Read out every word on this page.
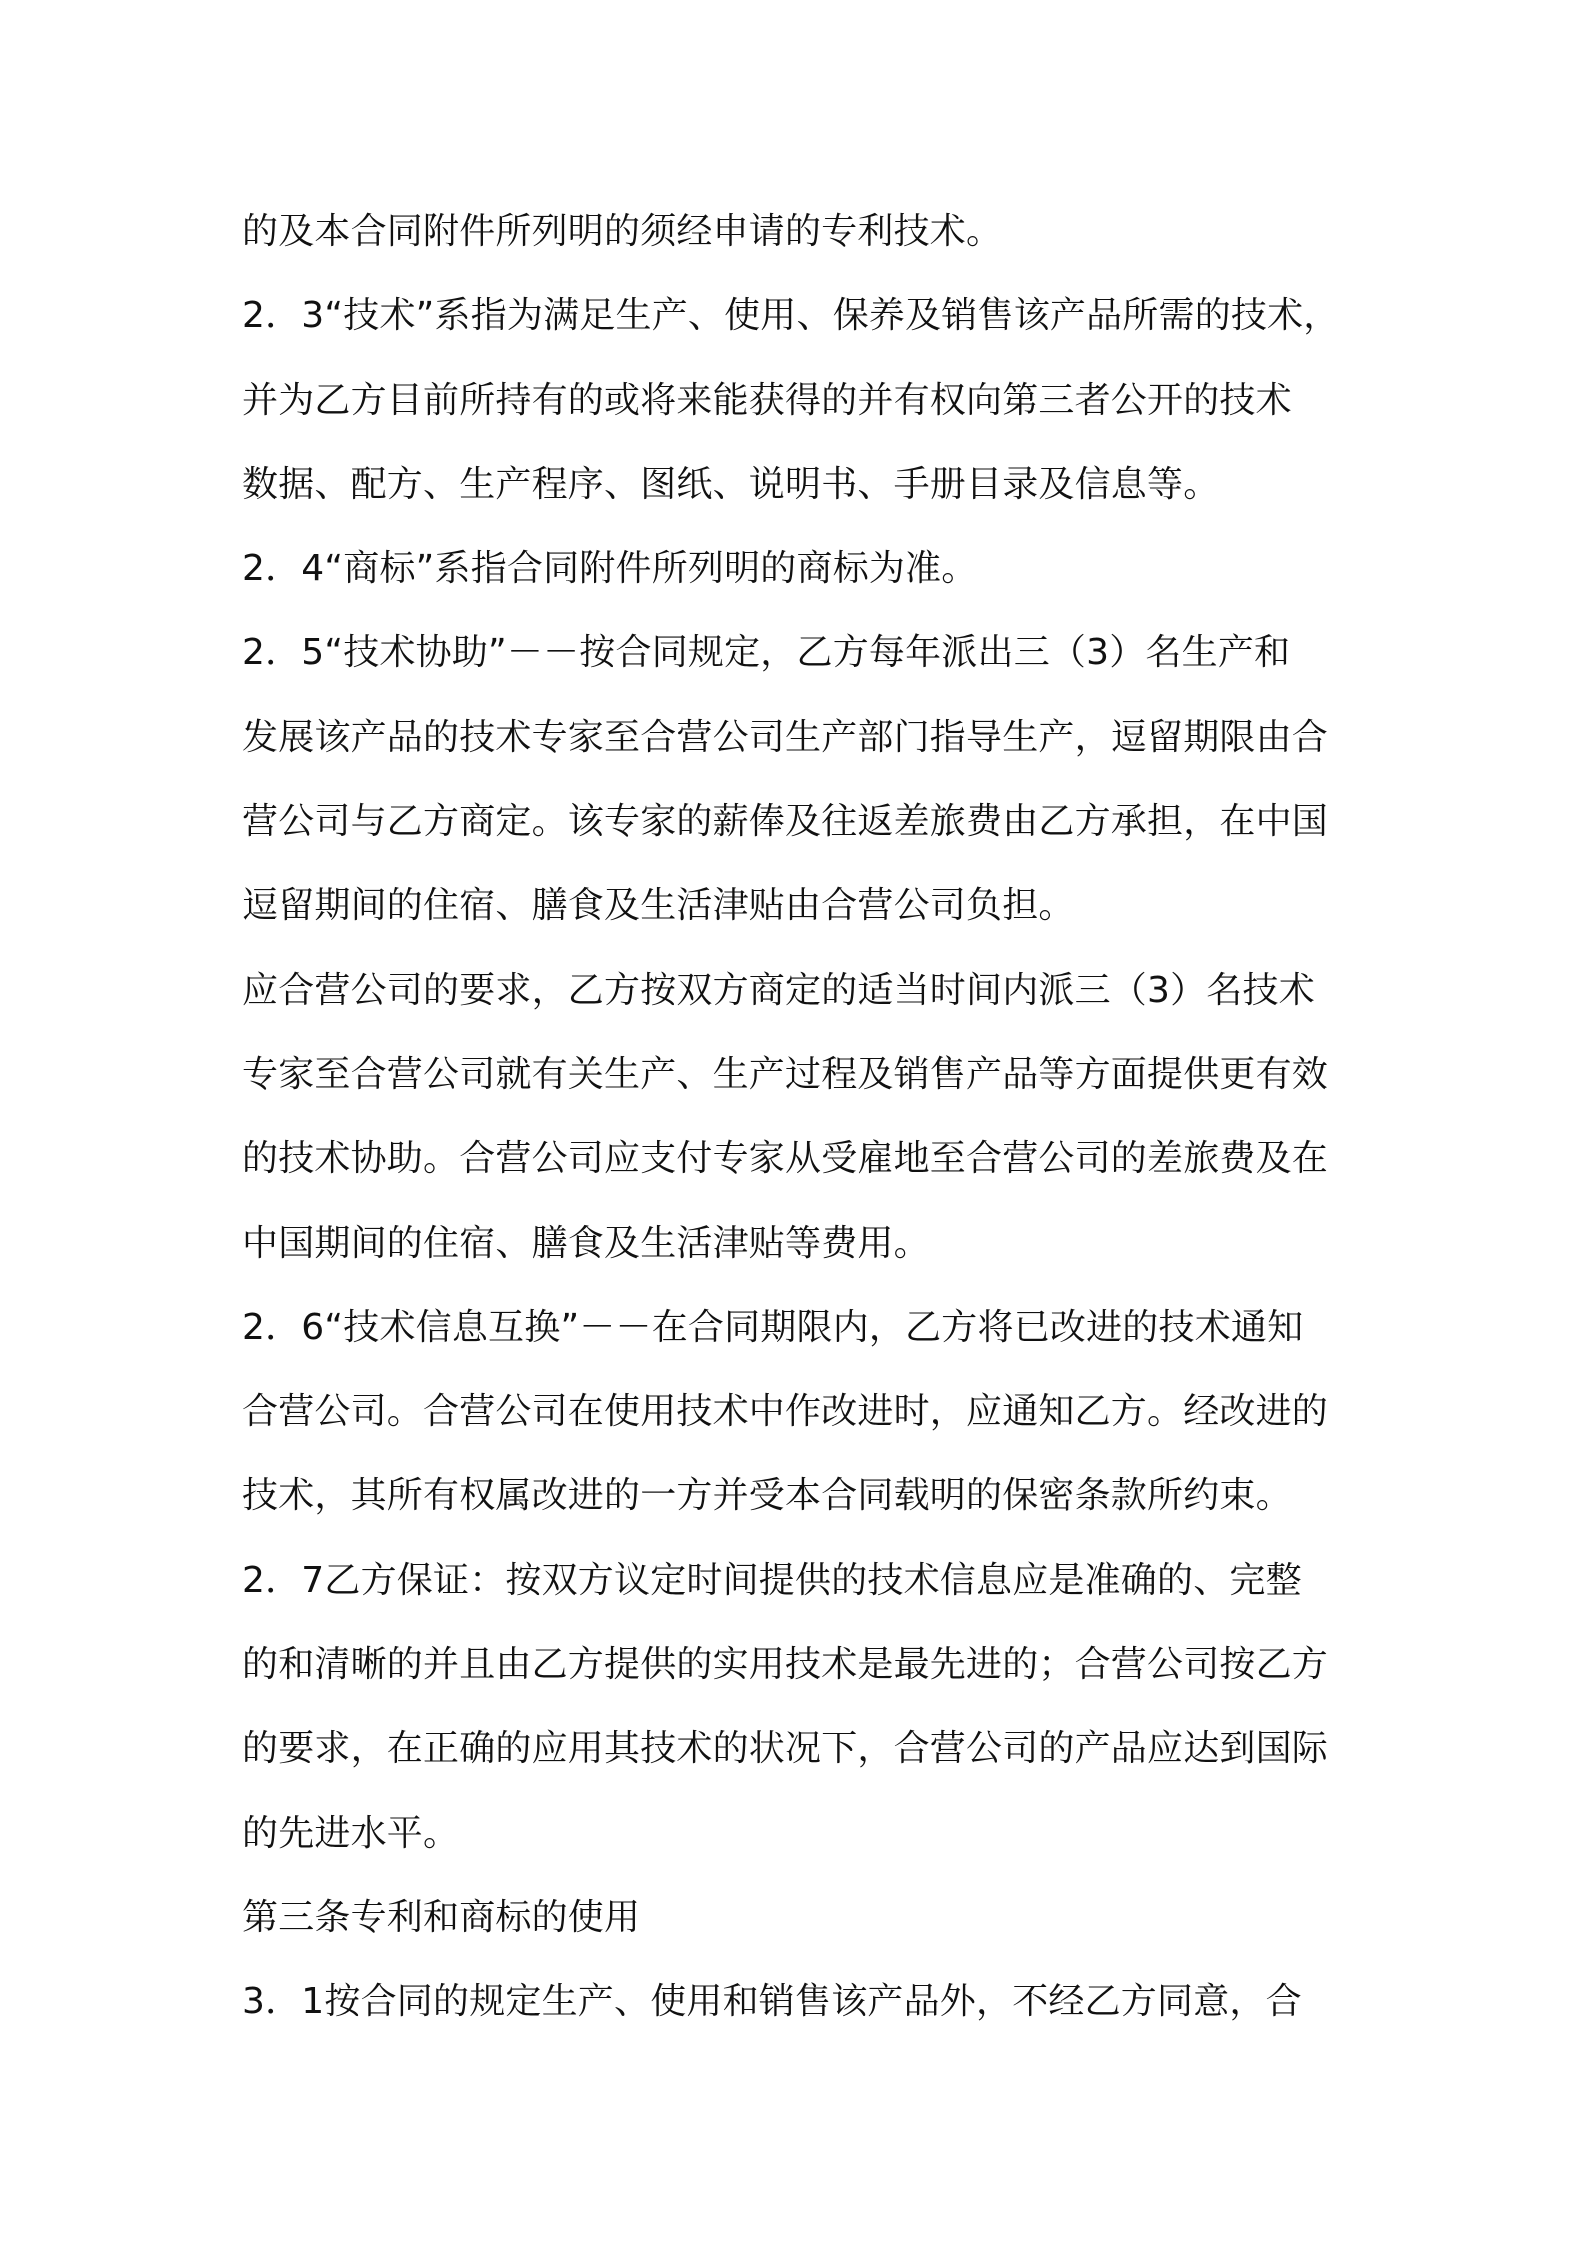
的及本合同附件所列明的须经申请的专利技术。
2．3“技术”系指为满足生产、使用、保养及销售该产品所需的技术，
并为乙方目前所持有的或将来能获得的并有权向第三者公开的技术
数据、配方、生产程序、图纸、说明书、手册目录及信息等。
2．4“商标”系指合同附件所列明的商标为准。
2．5“技术协助”－－按合同规定，乙方每年派出三（3）名生产和
发展该产品的技术专家至合营公司生产部门指导生产，逗留期限由合
营公司与乙方商定。该专家的薪俸及往返差旅费由乙方承担，在中国
逗留期间的住宿、膳食及生活津贴由合营公司负担。
应合营公司的要求，乙方按双方商定的适当时间内派三（3）名技术
专家至合营公司就有关生产、生产过程及销售产品等方面提供更有效
的技术协助。合营公司应支付专家从受雇地至合营公司的差旅费及在
中国期间的住宿、膳食及生活津贴等费用。
2．6“技术信息互换”－－在合同期限内，乙方将已改进的技术通知
合营公司。合营公司在使用技术中作改进时，应通知乙方。经改进的
技术，其所有权属改进的一方并受本合同载明的保密条款所约束。
2．7乙方保证：按双方议定时间提供的技术信息应是准确的、完整
的和清晰的并且由乙方提供的实用技术是最先进的；合营公司按乙方
的要求，在正确的应用其技术的状况下，合营公司的产品应达到国际
的先进水平。
第三条专利和商标的使用
3．1按合同的规定生产、使用和销售该产品外，不经乙方同意，合
